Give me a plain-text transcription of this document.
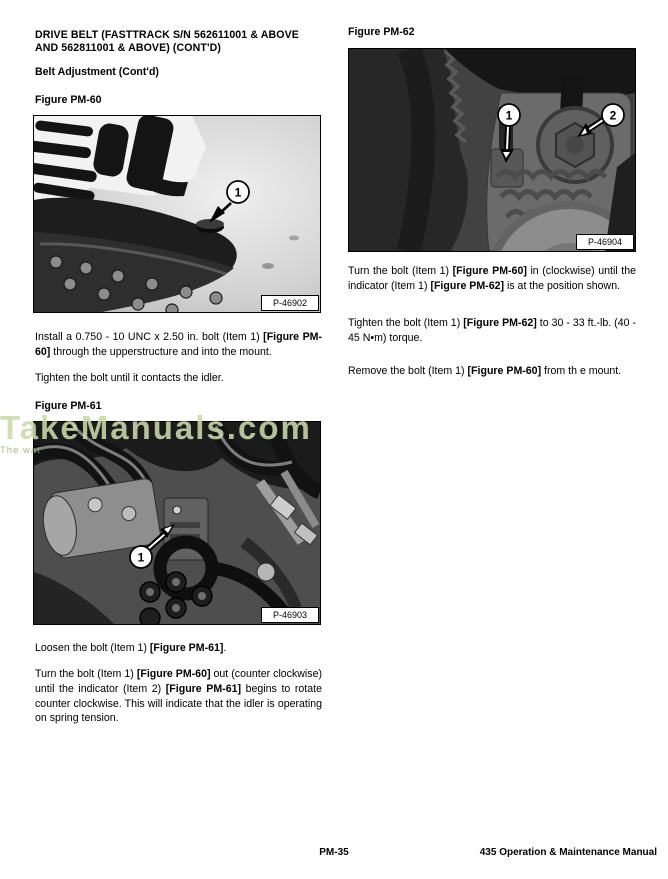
DRIVE BELT (FASTTRACK S/N 562611001 & ABOVE
AND 562811001 & ABOVE) (CONT'D)
Belt Adjustment (Cont'd)
Figure PM-60
1
P-46902
Install a 0.750 - 10 UNC x 2.50 in. bolt (Item 1) [Figure PM-60] through the upperstructure and into the mount.
Tighten the bolt until it contacts the idler.
Figure PM-61
1
P-46903
TakeManuals.com
The wat
Loosen the bolt (Item 1) [Figure PM-61].
Turn the bolt (Item 1) [Figure PM-60] out (counter clockwise) until the indicator (Item 2) [Figure PM-61] begins to rotate counter clockwise. This will indicate that the idler is operating on spring tension.
Figure PM-62
1	2
P-46904
Turn the bolt (Item 1) [Figure PM-60] in (clockwise) until the indicator (Item 1) [Figure PM-62] is at the position shown.
Tighten the bolt (Item 1) [Figure PM-62] to 30 - 33 ft.-lb. (40 - 45 N•m) torque.
Remove the bolt (Item 1) [Figure PM-60] from th e mount.
PM-35	435 Operation & Maintenance Manual
